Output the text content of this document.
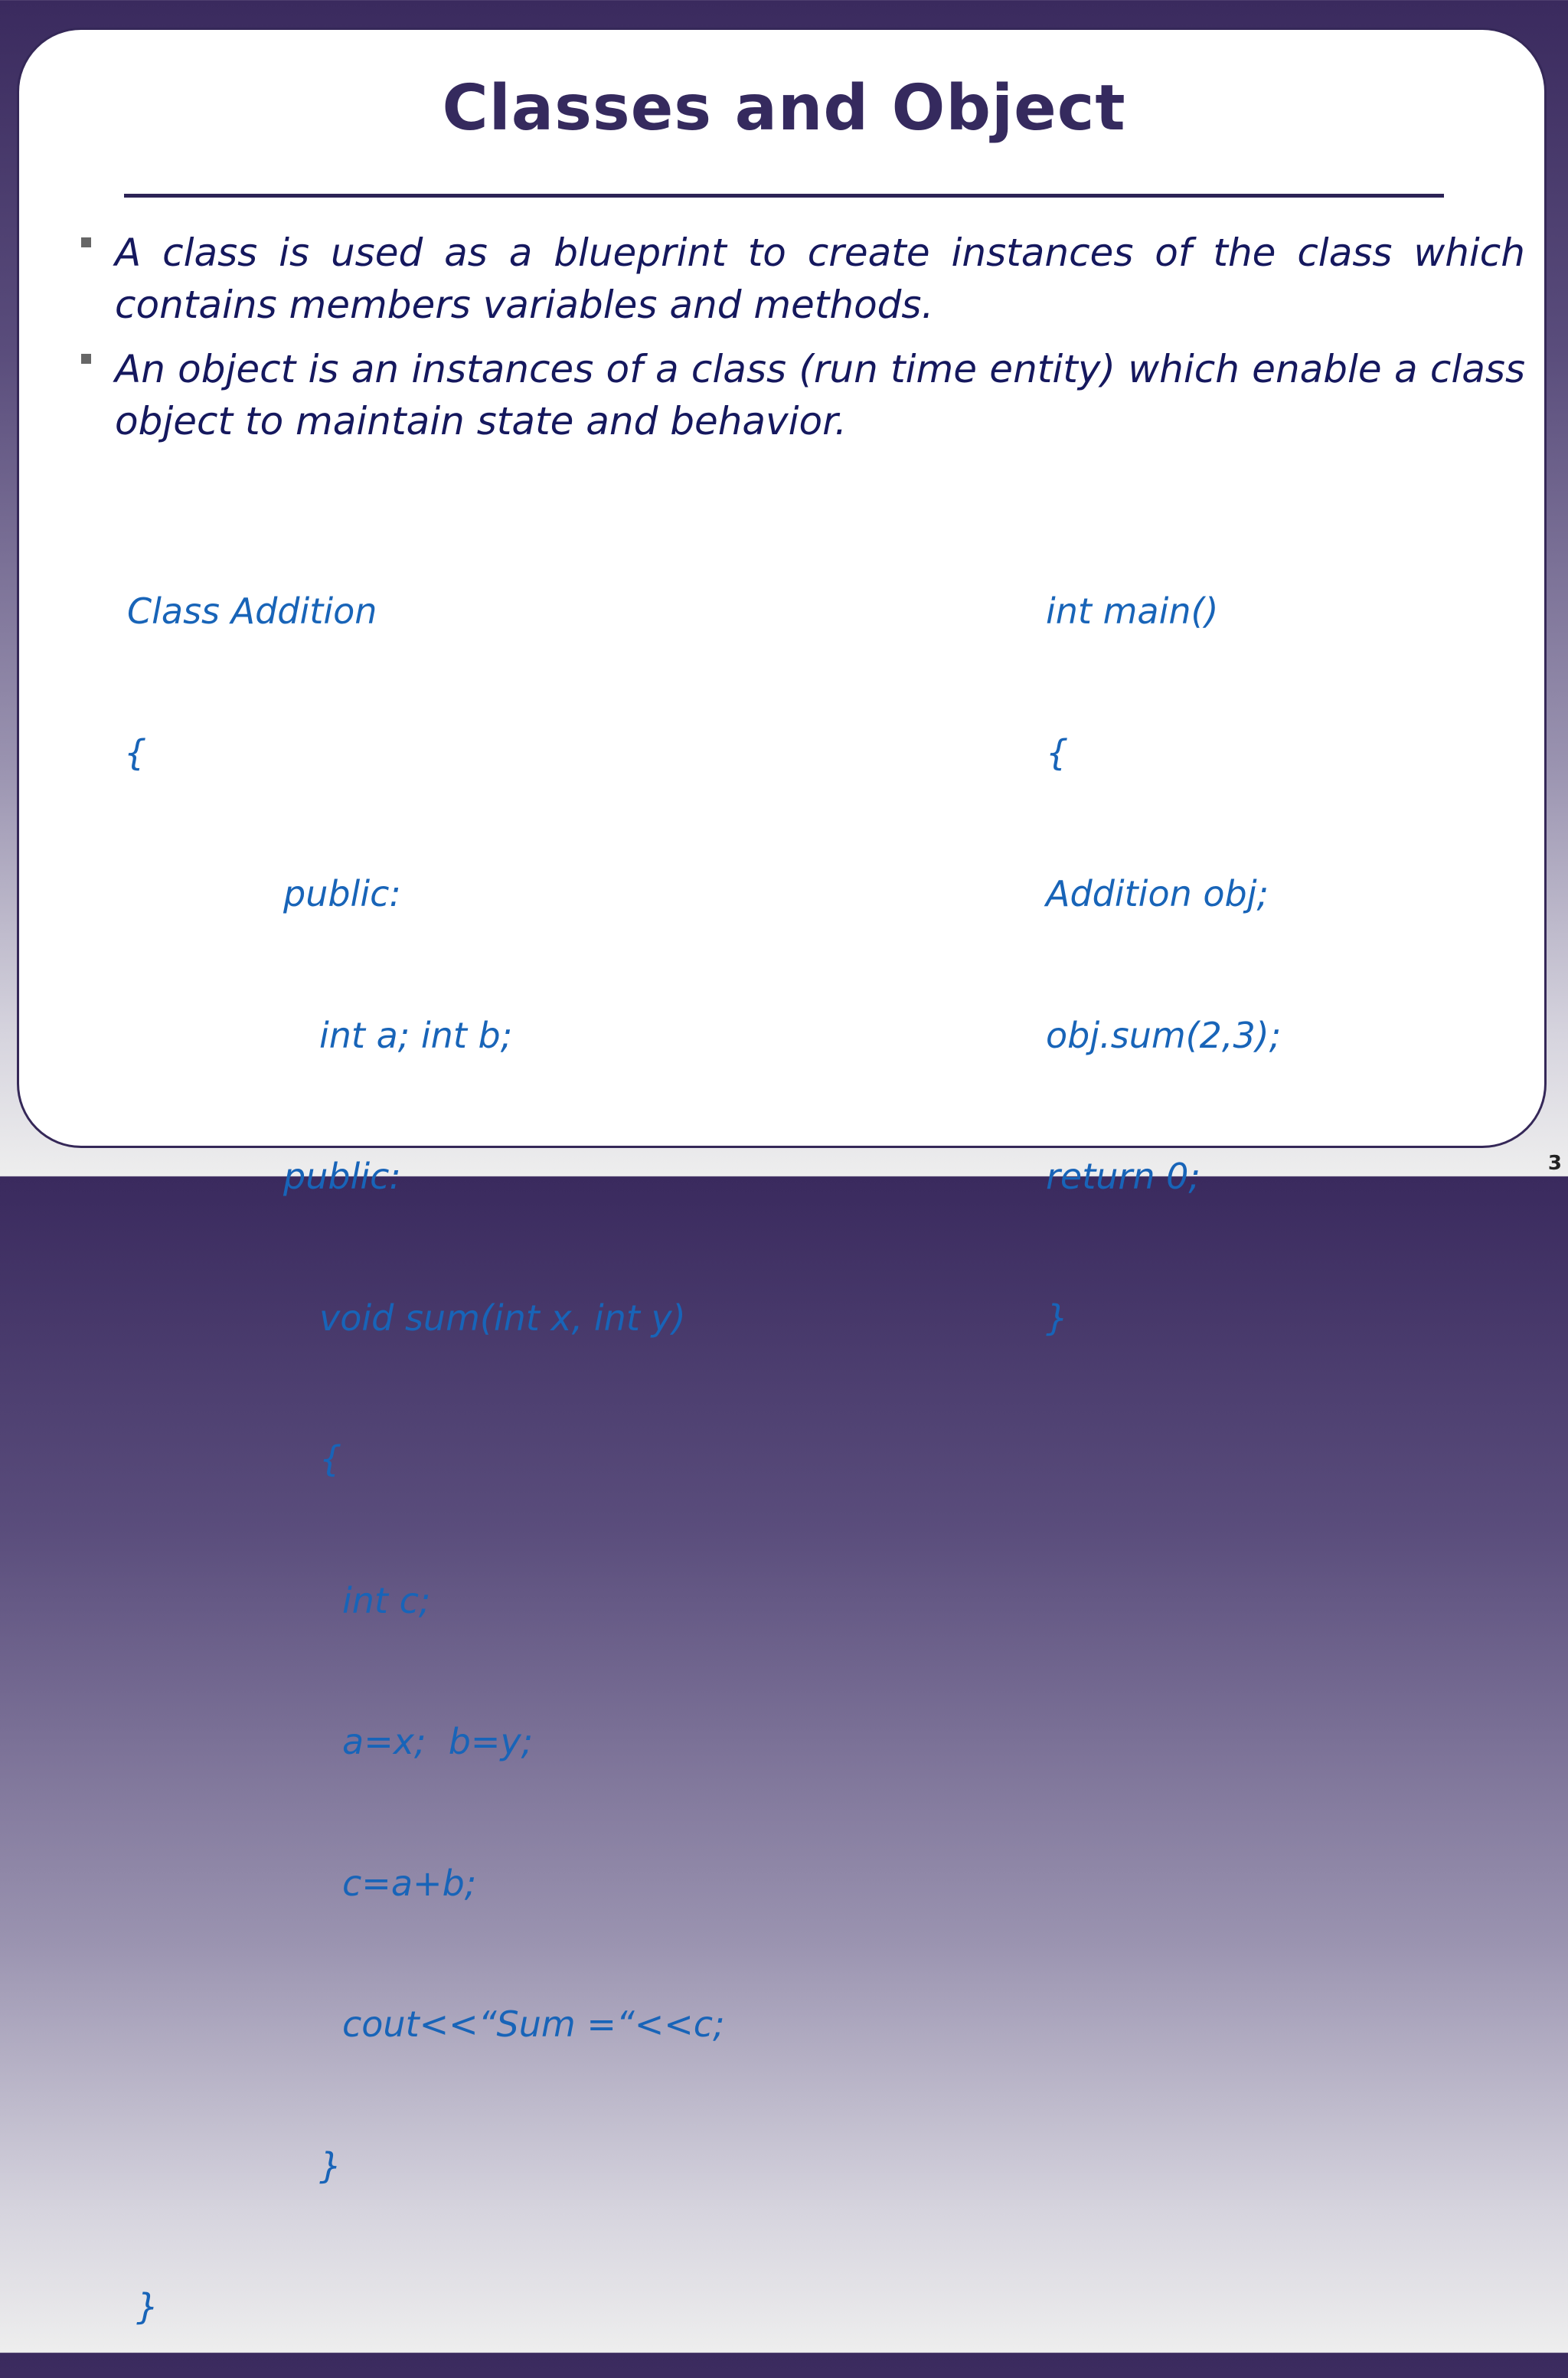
Classes and Object
A class is used as a blueprint to create instances of the class which contains members variables and methods.
An object is an instances of a class (run time entity) which enable a class object to maintain state and behavior.

Class Addition

{

public:

int a; int b;

public:

void sum(int x, int y)

{

int c;

a=x;  b=y;

c=a+b;

cout<<“Sum =“<<c;

}

}

int main()

{

Addition obj;

obj.sum(2,3);

return 0;

}

3
